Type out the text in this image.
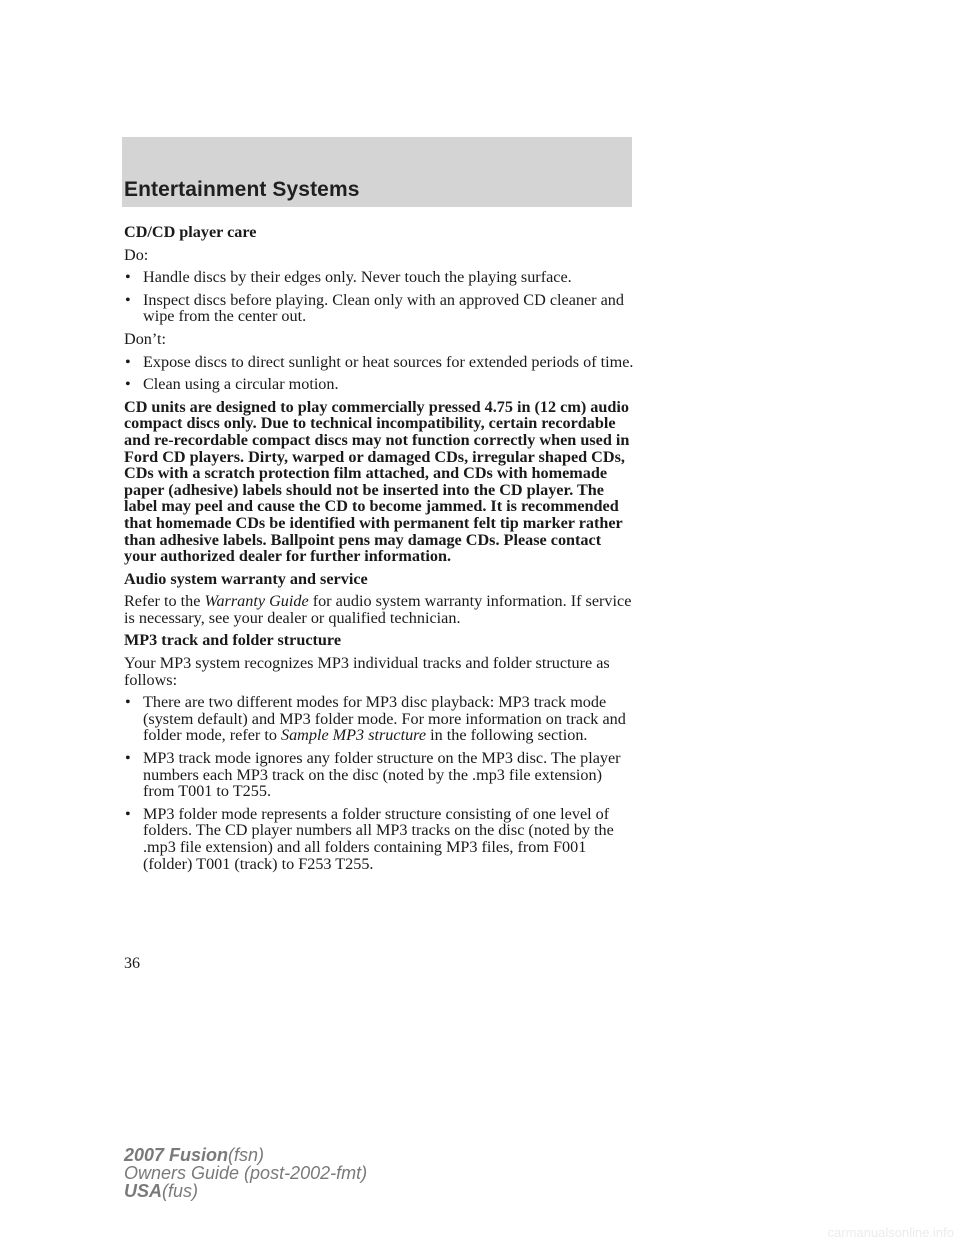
Entertainment Systems

CD/CD player care

Do:

• Handle discs by their edges only. Never touch the playing surface.
• Inspect discs before playing. Clean only with an approved CD cleaner and wipe from the center out.

Don’t:

• Expose discs to direct sunlight or heat sources for extended periods of time.
• Clean using a circular motion.

CD units are designed to play commercially pressed 4.75 in (12 cm) audio compact discs only. Due to technical incompatibility, certain recordable and re-recordable compact discs may not function correctly when used in Ford CD players. Dirty, warped or damaged CDs, irregular shaped CDs, CDs with a scratch protection film attached, and CDs with homemade paper (adhesive) labels should not be inserted into the CD player. The label may peel and cause the CD to become jammed. It is recommended that homemade CDs be identified with permanent felt tip marker rather than adhesive labels. Ballpoint pens may damage CDs. Please contact your authorized dealer for further information.

Audio system warranty and service

Refer to the Warranty Guide for audio system warranty information. If service is necessary, see your dealer or qualified technician.

MP3 track and folder structure

Your MP3 system recognizes MP3 individual tracks and folder structure as follows:

• There are two different modes for MP3 disc playback: MP3 track mode (system default) and MP3 folder mode. For more information on track and folder mode, refer to Sample MP3 structure in the following section.
• MP3 track mode ignores any folder structure on the MP3 disc. The player numbers each MP3 track on the disc (noted by the .mp3 file extension) from T001 to T255.
• MP3 folder mode represents a folder structure consisting of one level of folders. The CD player numbers all MP3 tracks on the disc (noted by the .mp3 file extension) and all folders containing MP3 files, from F001 (folder) T001 (track) to F253 T255.
36
2007 Fusion(fsn)
Owners Guide (post-2002-fmt)
USA(fus)
carmanualsonline.info
